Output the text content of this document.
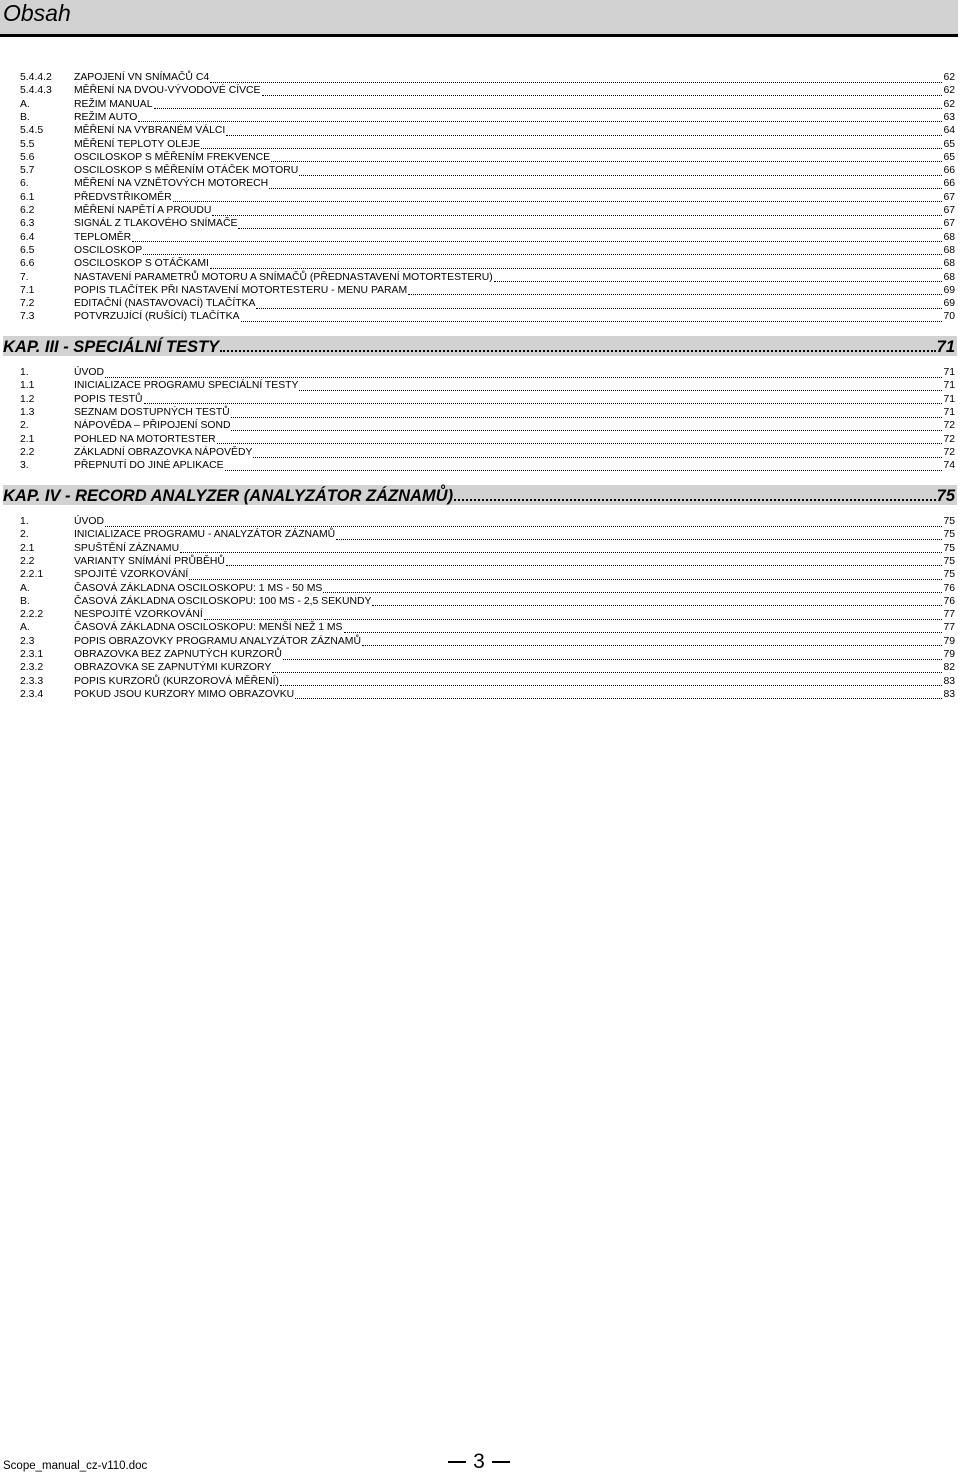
Obsah
5.4.4.2	ZAPOJENÍ VN SNÍMAČŮ C4	62
5.4.4.3	MĚŘENÍ NA DVOU-VÝVODOVÉ CÍVCE	62
A.	REŽIM MANUAL	62
B.	REŽIM AUTO	63
5.4.5	MĚŘENÍ NA VYBRANÉM VÁLCI	64
5.5	MĚŘENÍ TEPLOTY OLEJE	65
5.6	OSCILOSKOP S MĚŘENÍM FREKVENCE	65
5.7	OSCILOSKOP S MĚŘENÍM OTÁČEK MOTORU	66
6.	MĚŘENÍ NA VZNĚTOVÝCH MOTORECH	66
6.1	PŘEDVSTŘIKOMĚR	67
6.2	MĚŘENÍ NAPĚTÍ A PROUDU	67
6.3	SIGNÁL Z TLAKOVÉHO SNÍMAČE	67
6.4	TEPLOMĚR	68
6.5	OSCILOSKOP	68
6.6	OSCILOSKOP S OTÁČKAMI	68
7.	NASTAVENÍ PARAMETRŮ MOTORU A SNÍMAČŮ (PŘEDNASTAVENÍ MOTORTESTERU)	68
7.1	POPIS TLAČÍTEK PŘI NASTAVENÍ MOTORTESTERU - MENU PARAM	69
7.2	EDITAČNÍ (NASTAVOVACÍ) TLAČÍTKA	69
7.3	POTVRZUJÍCÍ (RUŠÍCÍ) TLAČÍTKA	70
KAP. III - SPECIÁLNÍ TESTY	71
1.	ÚVOD	71
1.1	INICIALIZACE PROGRAMU SPECIÁLNÍ TESTY	71
1.2	POPIS TESTŮ	71
1.3	SEZNAM DOSTUPNÝCH TESTŮ	71
2.	NÁPOVĚDA – PŘIPOJENÍ SOND	72
2.1	POHLED NA MOTORTESTER	72
2.2	ZÁKLADNÍ OBRAZOVKA NÁPOVĚDY	72
3.	PŘEPNUTÍ DO JINÉ APLIKACE	74
KAP. IV - RECORD ANALYZER (ANALYZÁTOR ZÁZNAMŮ)	75
1.	ÚVOD	75
2.	INICIALIZACE PROGRAMU - ANALYZÁTOR ZÁZNAMŮ	75
2.1	SPUŠTĚNÍ ZÁZNAMU	75
2.2	VARIANTY SNÍMÁNÍ PRŮBĚHŮ	75
2.2.1	SPOJITÉ VZORKOVÁNÍ	75
A.	ČASOVÁ ZÁKLADNA OSCILOSKOPU: 1 MS - 50 MS	76
B.	ČASOVÁ ZÁKLADNA OSCILOSKOPU: 100 MS - 2,5 SEKUNDY	76
2.2.2	NESPOJITÉ VZORKOVÁNÍ	77
A.	ČASOVÁ ZÁKLADNA OSCILOSKOPU: MENŠÍ NEŽ 1 MS	77
2.3	POPIS OBRAZOVKY PROGRAMU ANALYZÁTOR ZÁZNAMŮ	79
2.3.1	OBRAZOVKA BEZ ZAPNUTÝCH KURZORŮ	79
2.3.2	OBRAZOVKA SE ZAPNUTÝMI KURZORY	82
2.3.3	POPIS KURZORŮ (KURZOROVÁ MĚŘENÍ)	83
2.3.4	POKUD JSOU KURZORY MIMO OBRAZOVKU	83
Scope_manual_cz-v110.doc	3
